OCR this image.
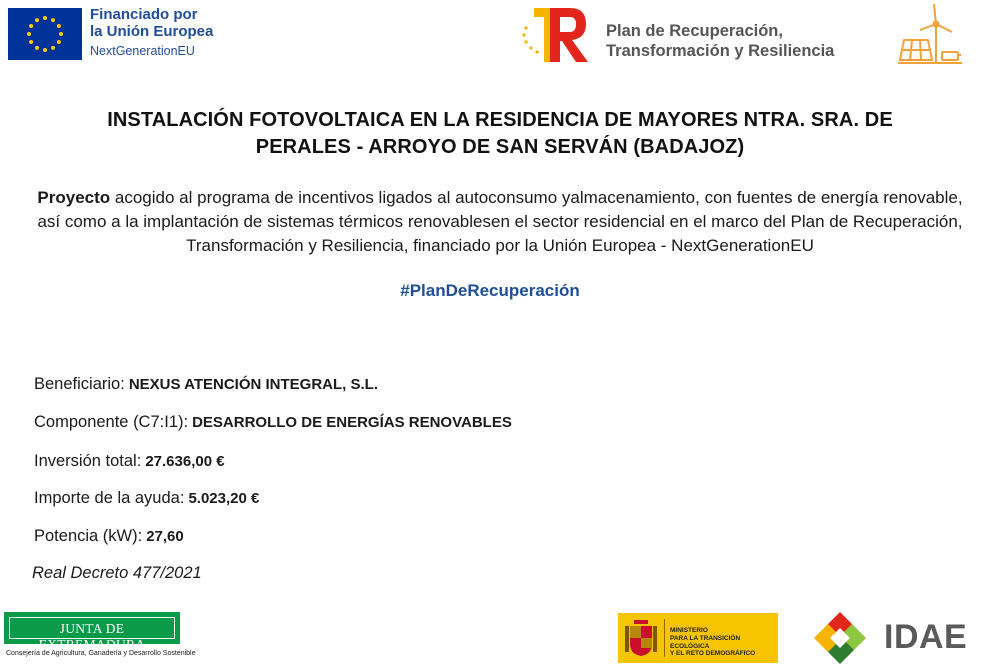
Financiado por
la Unión Europea
NextGenerationEU
Plan de Recuperación,
Transformación y Resiliencia
INSTALACIÓN FOTOVOLTAICA EN LA RESIDENCIA DE MAYORES NTRA. SRA. DE
PERALES - ARROYO DE SAN SERVÁN (BADAJOZ)
Proyecto acogido al programa de incentivos ligados al autoconsumo yalmacenamiento, con fuentes de energía renovable, así como a la implantación de sistemas térmicos renovablesen el sector residencial en el marco del Plan de Recuperación, Transformación y Resiliencia, financiado por la Unión Europea - NextGenerationEU
#PlanDeRecuperación
Beneficiario: NEXUS ATENCIÓN INTEGRAL, S.L.
Componente (C7:I1): DESARROLLO DE ENERGÍAS RENOVABLES
Inversión total: 27.636,00 €
Importe de la ayuda: 5.023,20 €
Potencia (kW): 27,60
Real Decreto 477/2021
JUNTA DE EXTREMADURA
Consejería de Agricultura, Ganadería y Desarrollo Sostenible
MINISTERIO
PARA LA TRANSICIÓN ECOLÓGICA
Y EL RETO DEMOGRÁFICO	IDAE
